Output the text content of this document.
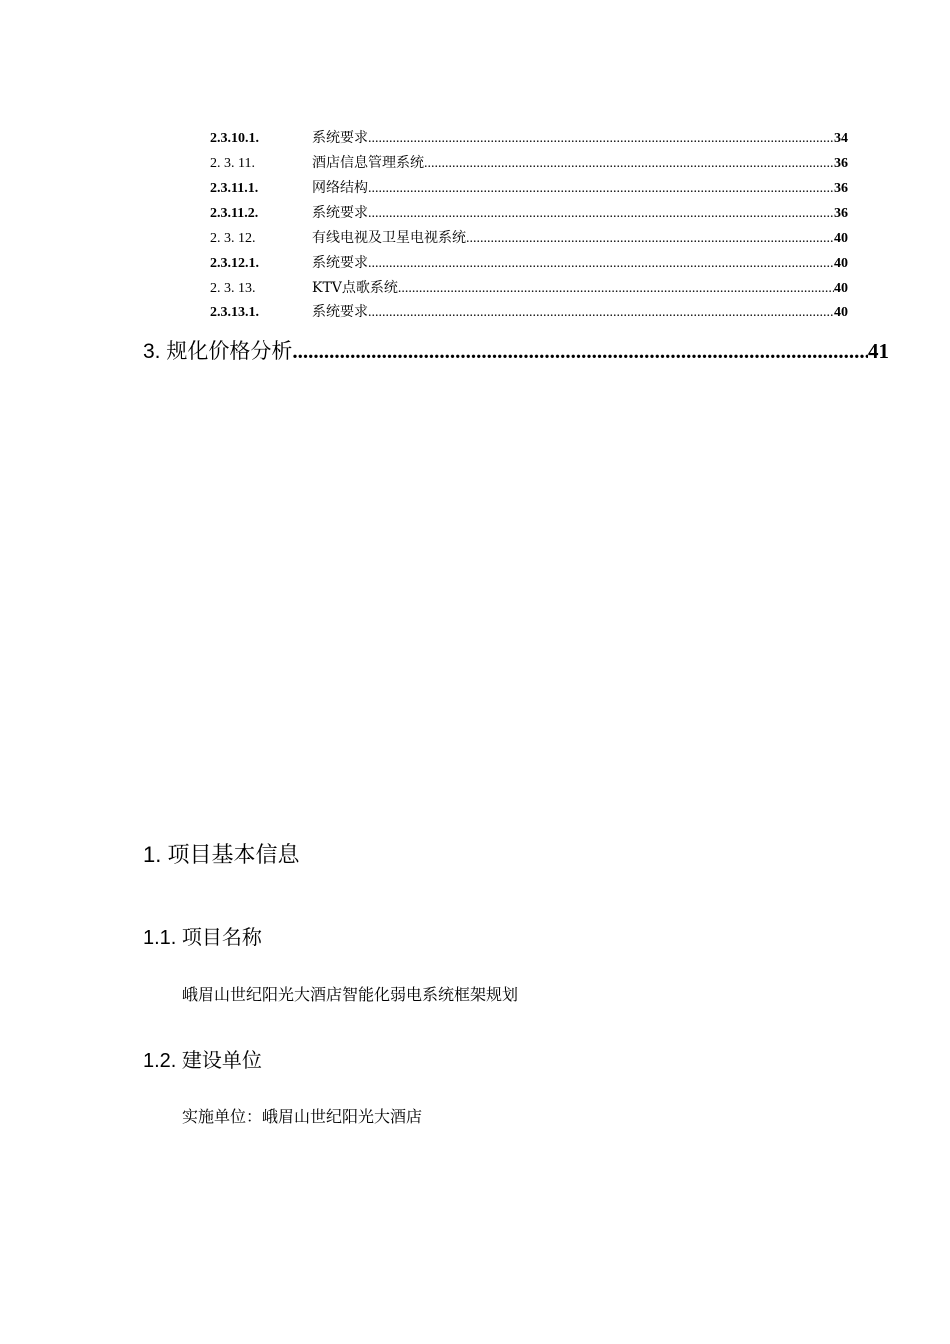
2.3.10.1.	系统要求 .....	34
2. 3. 11.	酒店信息管理系统 .....	36
2.3.11.1.	网络结构 .....	36
2.3.11.2.	系统要求 .....	36
2. 3. 12.	有线电视及卫星电视系统 .....	40
2.3.12.1.	系统要求 .....	40
2. 3. 13.	KTV点歌系统 .....	40
2.3.13.1.	系统要求 .....	40
3. 规化价格分析 .....	41
1. 项目基本信息
1.1. 项目名称
峨眉山世纪阳光大酒店智能化弱电系统框架规划
1.2. 建设单位
实施单位：峨眉山世纪阳光大酒店
